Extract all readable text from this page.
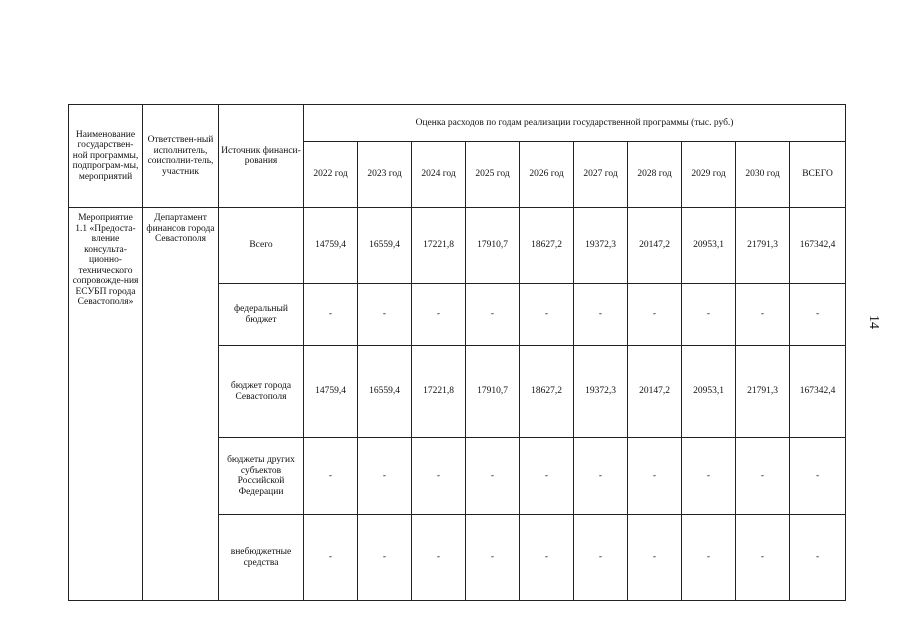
Наименование государствен-ной программы, подпрограм-мы, мероприятий	Ответствен-ный исполнитель, соисполни-тель, участник	Источник финанси-рования	Оценка расходов по годам реализации государственной программы (тыс. руб.)									
			2022 год	2023 год	2024 год	2025 год	2026 год	2027 год	2028 год	2029 год	2030 год	ВСЕГО
Мероприятие 1.1 «Предоста-вление консульта-ционно-технического сопровожде-ния ЕСУБП города Севастополя»	Департамент финансов города Севастополя	Всего	14759,4	16559,4	17221,8	17910,7	18627,2	19372,3	20147,2	20953,1	21791,3	167342,4
		федеральный бюджет	-	-	-	-	-	-	-	-	-	-
		бюджет города Севастополя	14759,4	16559,4	17221,8	17910,7	18627,2	19372,3	20147,2	20953,1	21791,3	167342,4
		бюджеты других субъектов Российской Федерации	-	-	-	-	-	-	-	-	-	-
		внебюджетные средства	-	-	-	-	-	-	-	-	-	-
14
